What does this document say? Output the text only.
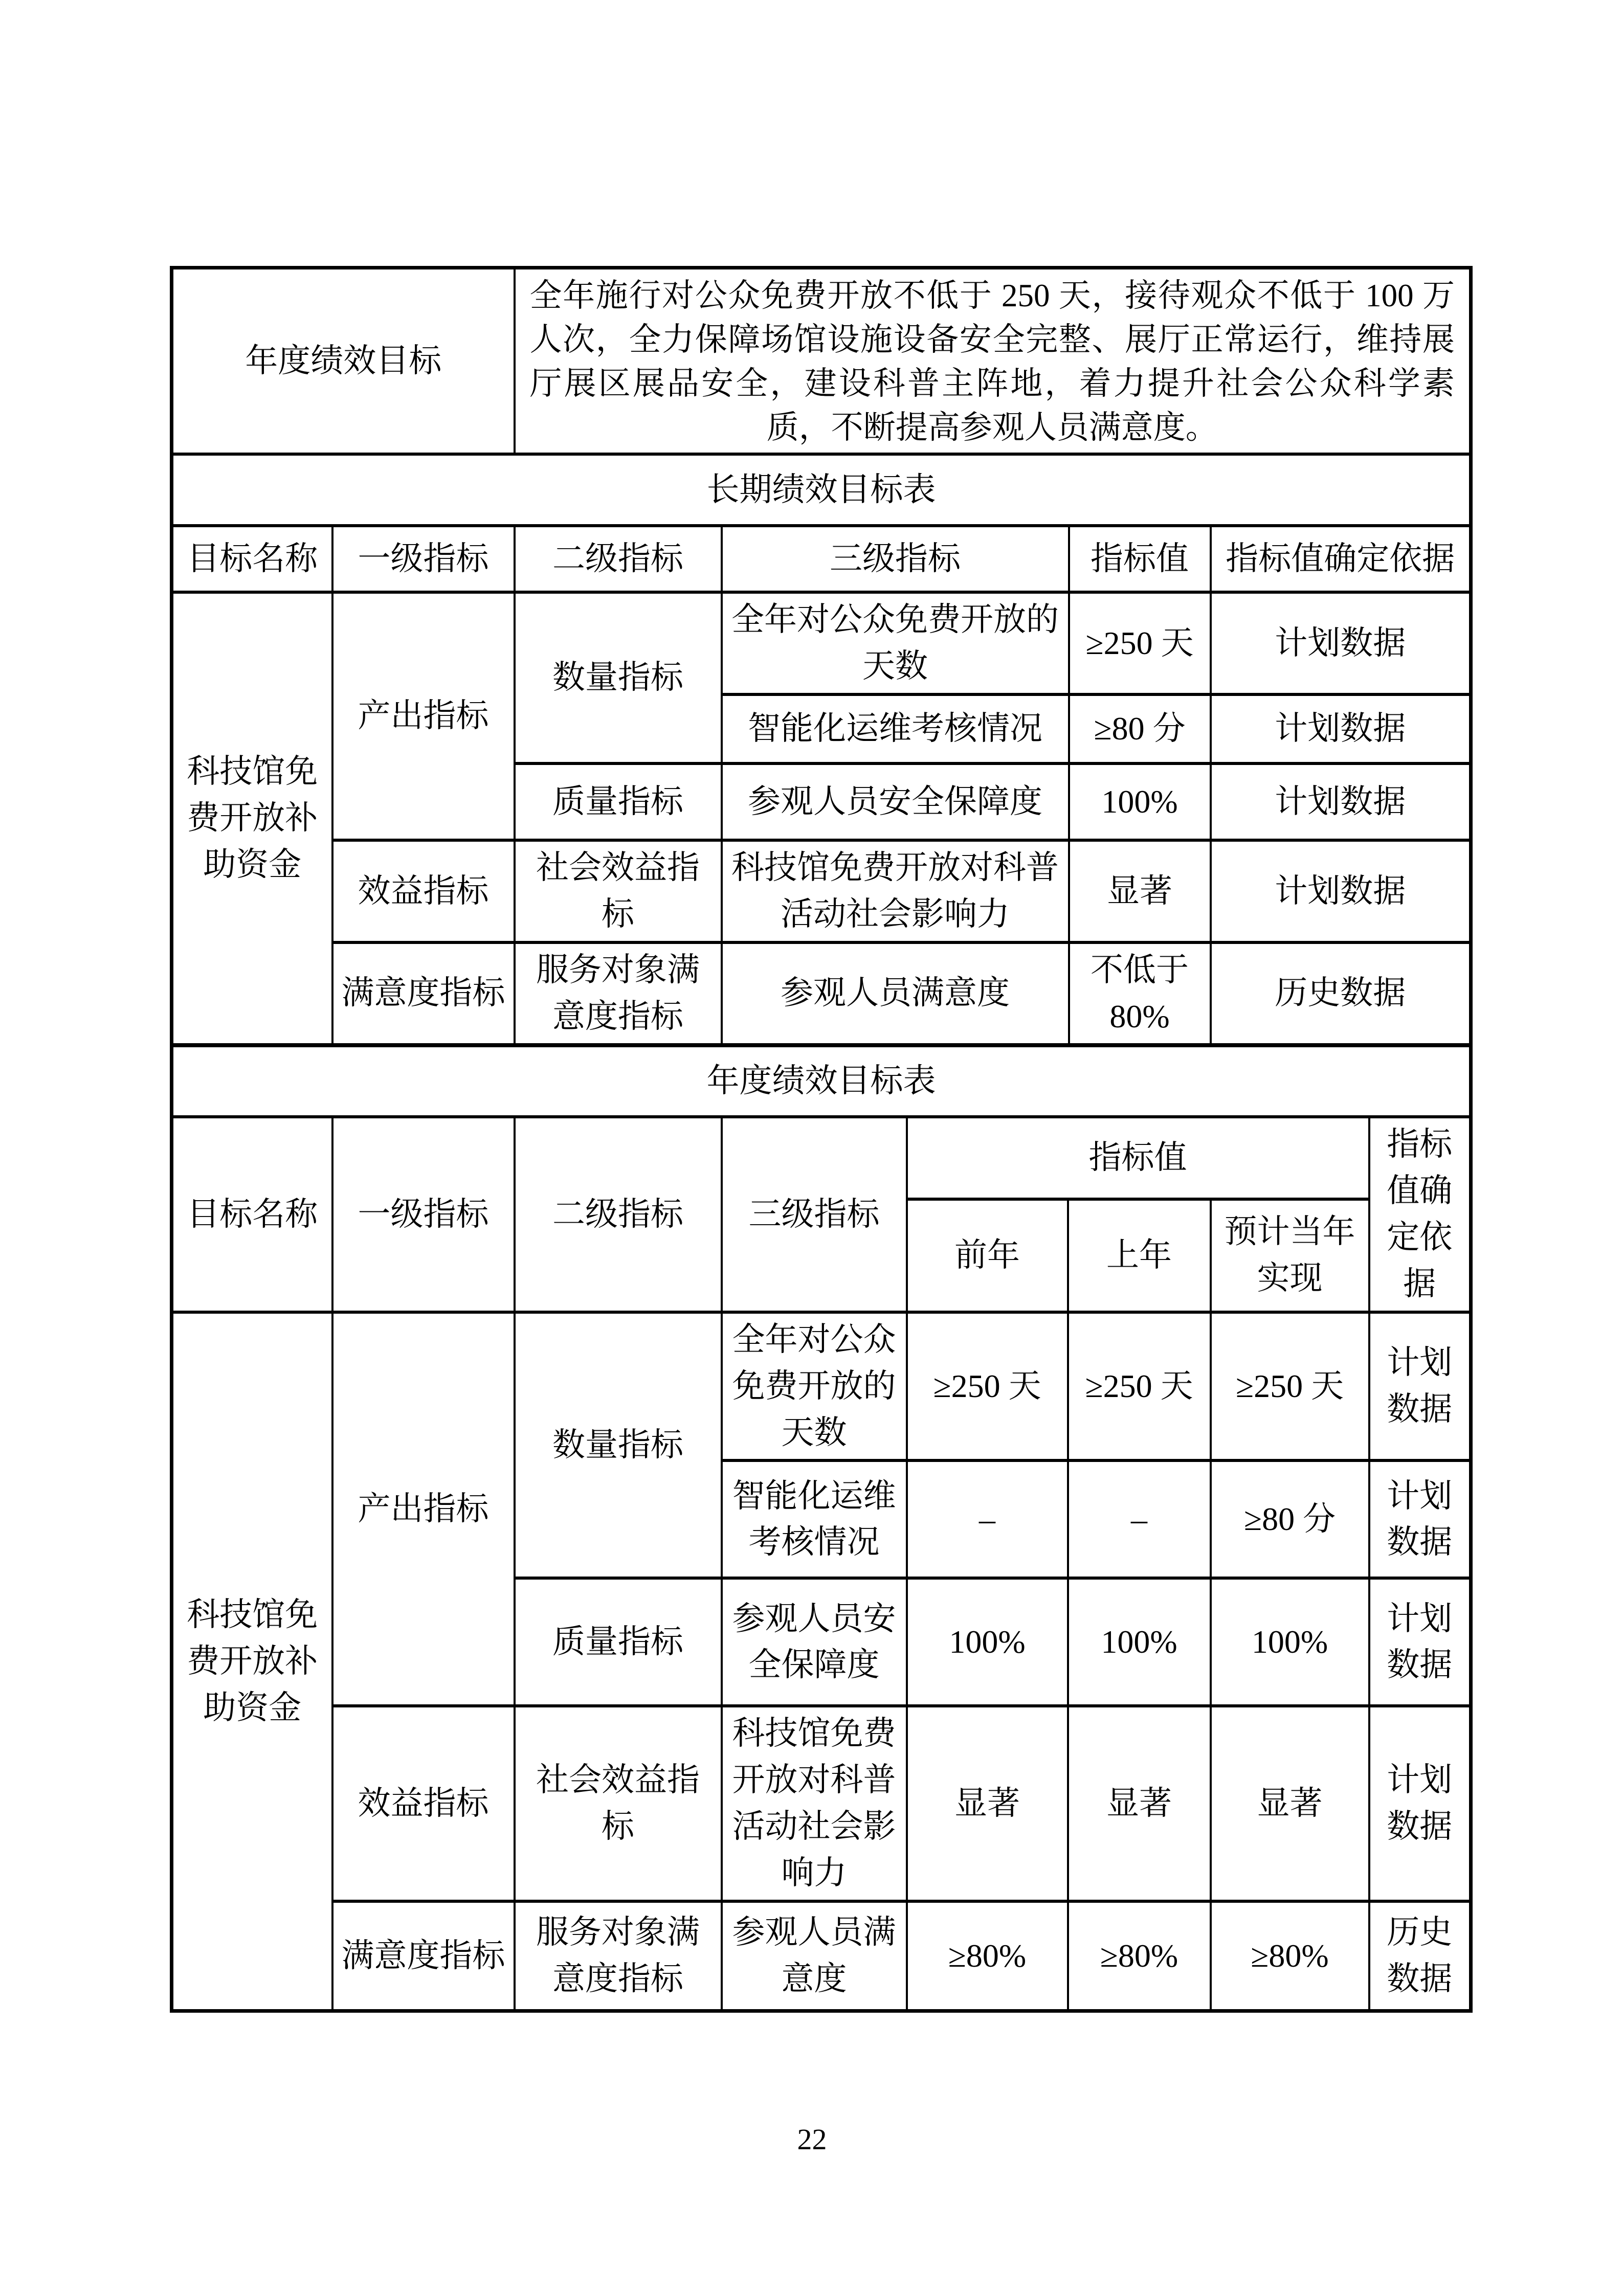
年度绩效目标		全年施行对公众免费开放不低于 250 天，接待观众不低于 100 万人次，全力保障场馆设施设备安全完整、展厅正常运行，维持展厅展区展品安全，建设科普主阵地，着力提升社会公众科学素质，不断提高参观人员满意度。			
长期绩效目标表					
目标名称	一级指标	二级指标	三级指标	指标值	指标值确定依据
科技馆免费开放补助资金	产出指标	数量指标	全年对公众免费开放的天数	≥250 天	计划数据
			智能化运维考核情况	≥80 分	计划数据
		质量指标	参观人员安全保障度	100%	计划数据
	效益指标	社会效益指标	科技馆免费开放对科普活动社会影响力	显著	计划数据
	满意度指标	服务对象满意度指标	参观人员满意度	不低于80%	历史数据
年度绩效目标表							
目标名称	一级指标	二级指标	三级指标	指标值			指标值确定依据
				前年	上年	预计当年实现	
科技馆免费开放补助资金	产出指标	数量指标	全年对公众免费开放的天数	≥250 天	≥250 天	≥250 天	计划数据
			智能化运维考核情况	–	–	≥80 分	计划数据
		质量指标	参观人员安全保障度	100%	100%	100%	计划数据
	效益指标	社会效益指标	科技馆免费开放对科普活动社会影响力	显著	显著	显著	计划数据
	满意度指标	服务对象满意度指标	参观人员满意度	≥80%	≥80%	≥80%	历史数据
22
